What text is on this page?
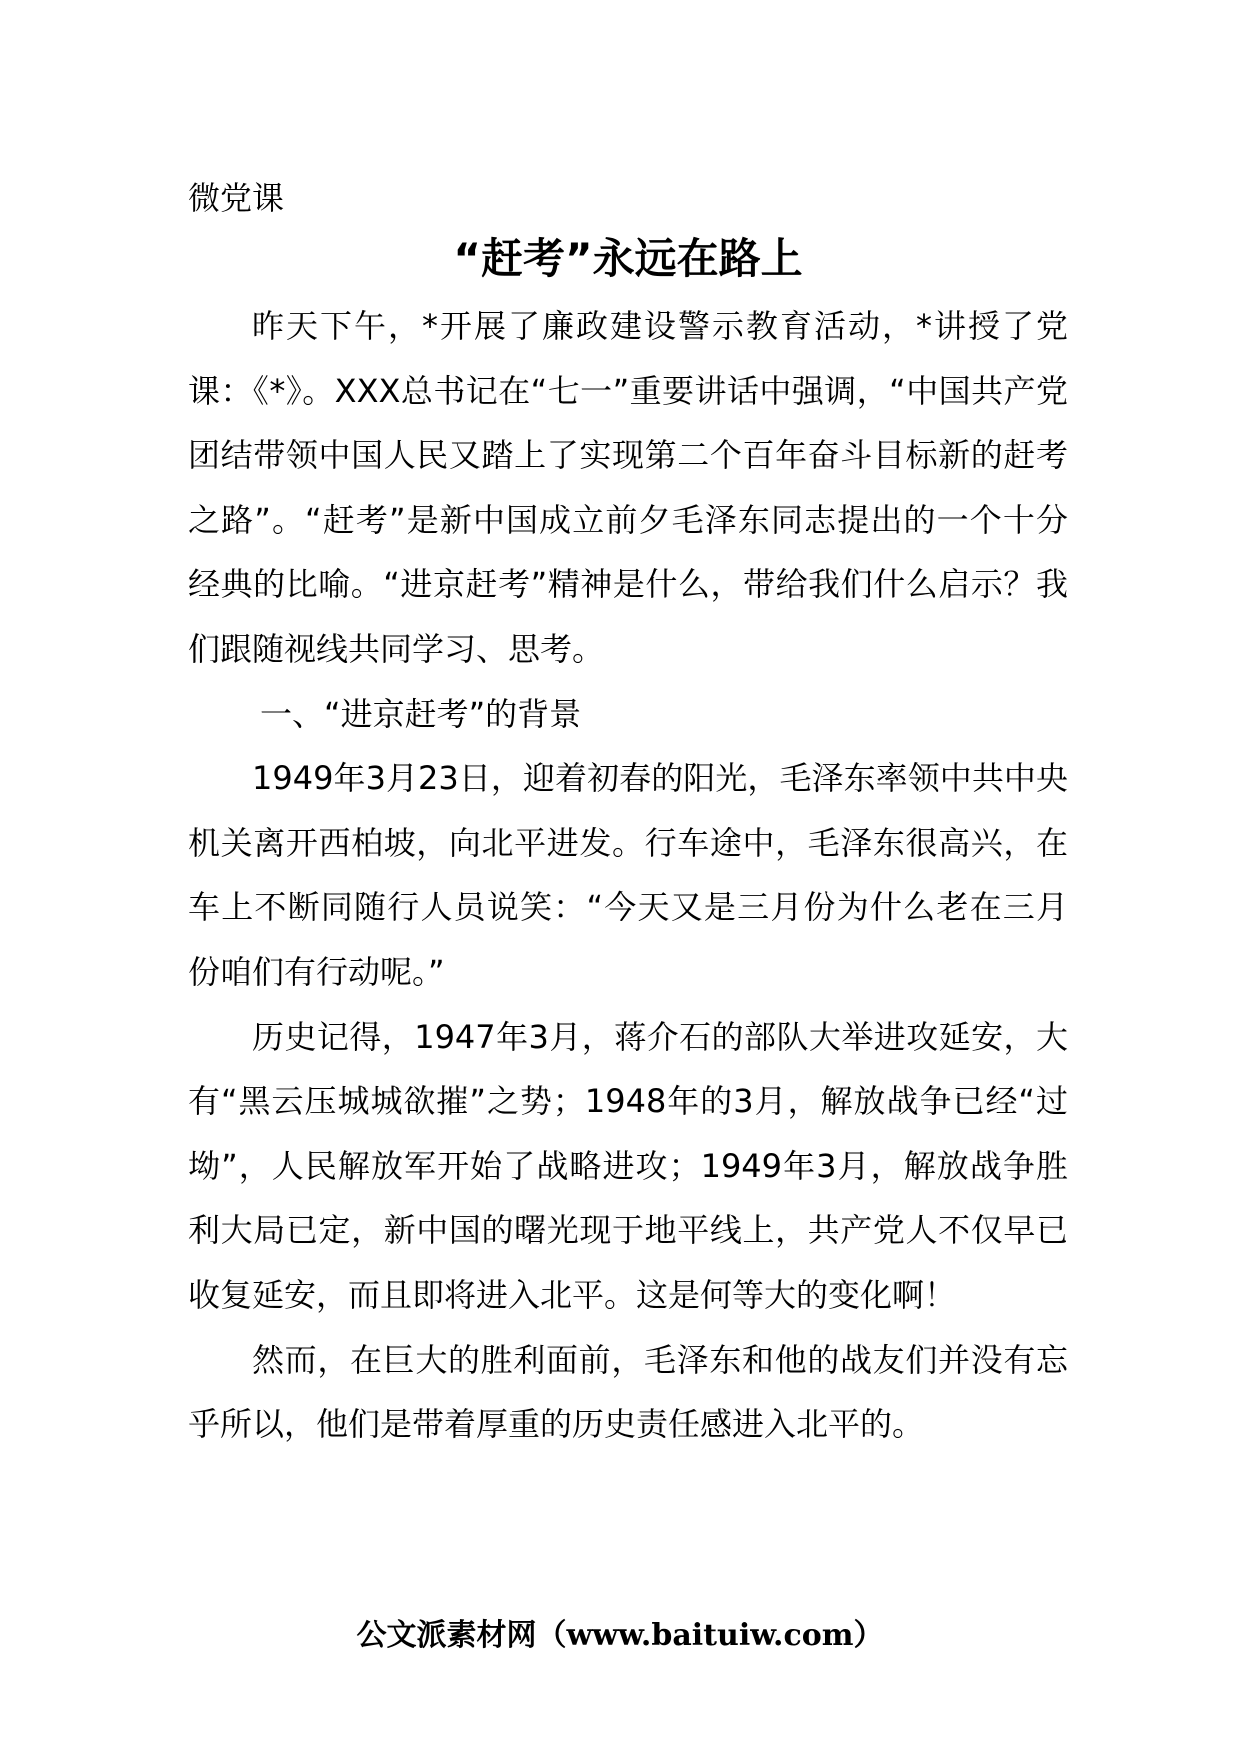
微党课

“赶考”永远在路上

昨天下午，*开展了廉政建设警示教育活动，*讲授了党课：《*》。XXX总书记在“七一”重要讲话中强调，“中国共产党团结带领中国人民又踏上了实现第二个百年奋斗目标新的赶考之路”。“赶考”是新中国成立前夕毛泽东同志提出的一个十分经典的比喻。“进京赶考”精神是什么，带给我们什么启示？我们跟随视线共同学习、思考。

一、“进京赶考”的背景

1949年3月23日，迎着初春的阳光，毛泽东率领中共中央机关离开西柏坡，向北平进发。行车途中，毛泽东很高兴，在车上不断同随行人员说笑：“今天又是三月份为什么老在三月份咱们有行动呢。”

历史记得，1947年3月，蒋介石的部队大举进攻延安，大有“黑云压城城欲摧”之势；1948年的3月，解放战争已经“过坳”，人民解放军开始了战略进攻；1949年3月，解放战争胜利大局已定，新中国的曙光现于地平线上，共产党人不仅早已收复延安，而且即将进入北平。这是何等大的变化啊！

然而，在巨大的胜利面前，毛泽东和他的战友们并没有忘乎所以，他们是带着厚重的历史责任感进入北平的。

公文派素材网（www.baituiw.com）
